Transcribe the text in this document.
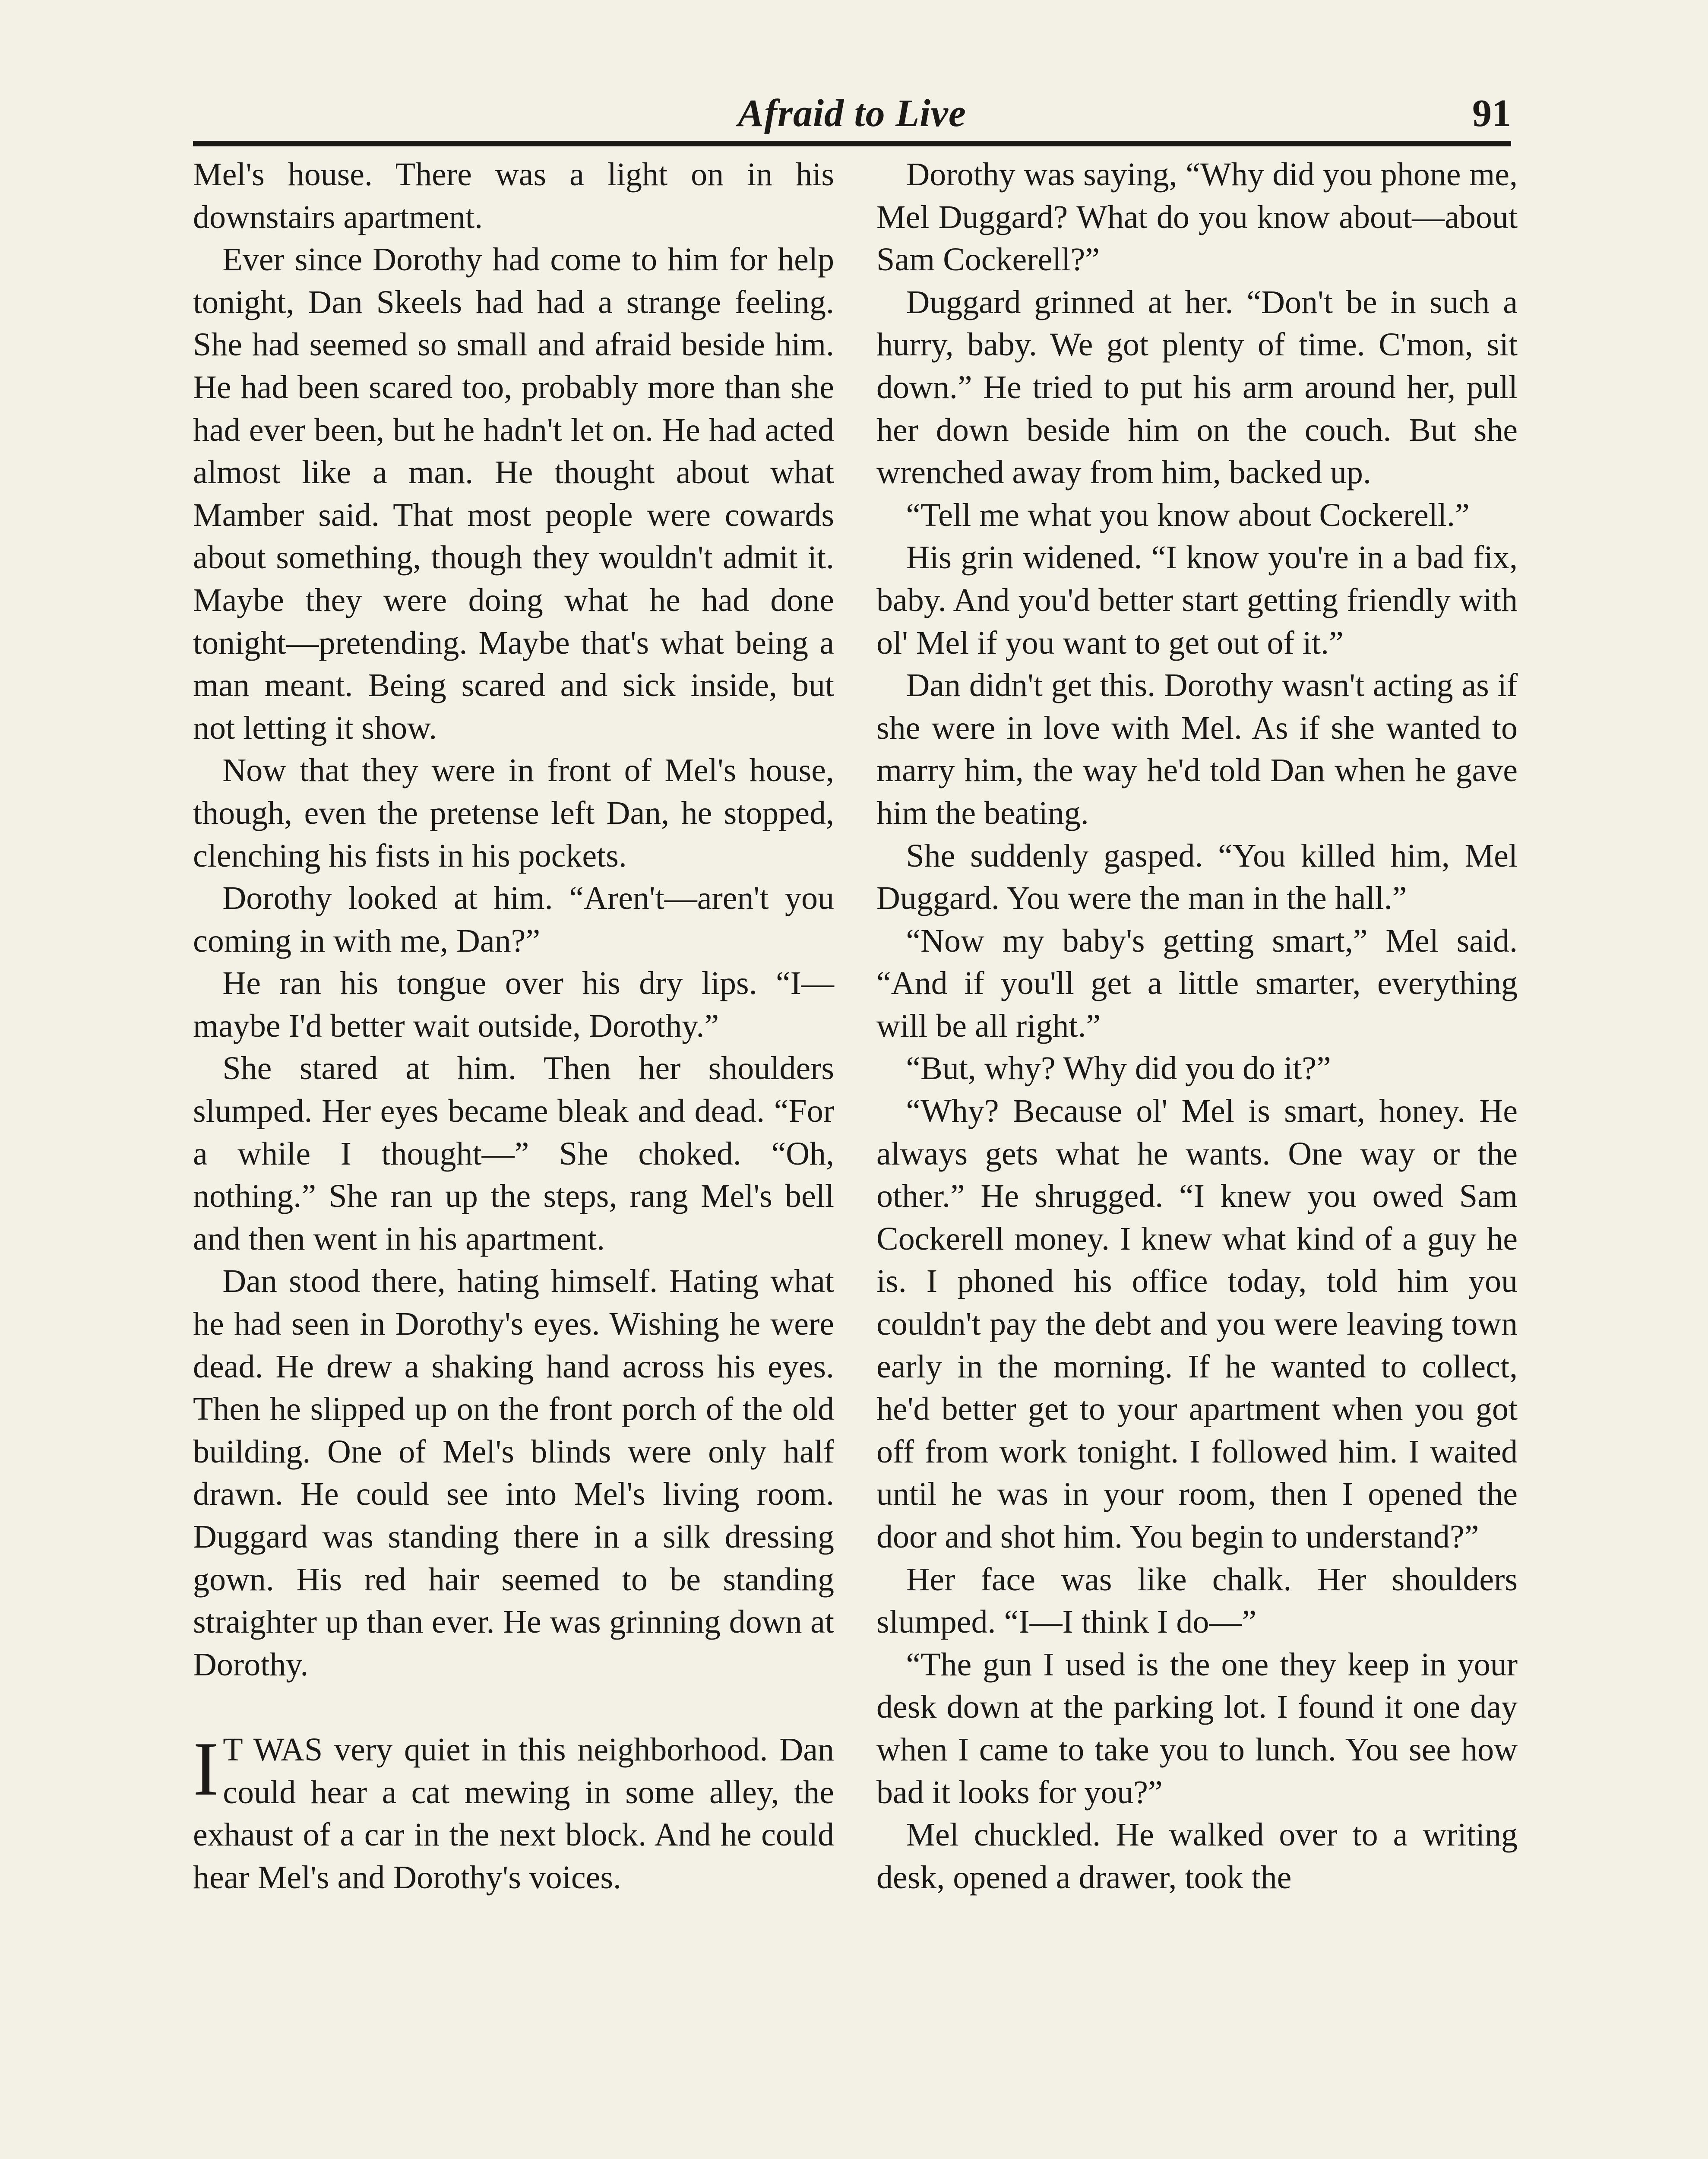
Afraid to Live	91

Mel's house. There was a light on in his downstairs apartment.

Ever since Dorothy had come to him for help tonight, Dan Skeels had had a strange feeling. She had seemed so small and afraid beside him. He had been scared too, probably more than she had ever been, but he hadn't let on. He had acted almost like a man. He thought about what Mamber said. That most people were cowards about something, though they wouldn't admit it. Maybe they were doing what he had done tonight—pretending. Maybe that's what being a man meant. Being scared and sick inside, but not letting it show.

Now that they were in front of Mel's house, though, even the pretense left Dan, he stopped, clenching his fists in his pockets.

Dorothy looked at him. “Aren't—aren't you coming in with me, Dan?”

He ran his tongue over his dry lips. “I—maybe I'd better wait outside, Dorothy.”

She stared at him. Then her shoulders slumped. Her eyes became bleak and dead. “For a while I thought—” She choked. “Oh, nothing.” She ran up the steps, rang Mel's bell and then went in his apartment.

Dan stood there, hating himself. Hating what he had seen in Dorothy's eyes. Wishing he were dead. He drew a shaking hand across his eyes. Then he slipped up on the front porch of the old building. One of Mel's blinds were only half drawn. He could see into Mel's living room. Duggard was standing there in a silk dressing gown. His red hair seemed to be standing straighter up than ever. He was grinning down at Dorothy.

I T WAS very quiet in this neighborhood. Dan could hear a cat mewing in some alley, the exhaust of a car in the next block. And he could hear Mel's and Dorothy's voices.

Dorothy was saying, “Why did you phone me, Mel Duggard? What do you know about—about Sam Cockerell?”

Duggard grinned at her. “Don't be in such a hurry, baby. We got plenty of time. C'mon, sit down.” He tried to put his arm around her, pull her down beside him on the couch. But she wrenched away from him, backed up.

“Tell me what you know about Cockerell.”

His grin widened. “I know you're in a bad fix, baby. And you'd better start getting friendly with ol' Mel if you want to get out of it.”

Dan didn't get this. Dorothy wasn't acting as if she were in love with Mel. As if she wanted to marry him, the way he'd told Dan when he gave him the beating.

She suddenly gasped. “You killed him, Mel Duggard. You were the man in the hall.”

“Now my baby's getting smart,” Mel said. “And if you'll get a little smarter, everything will be all right.”

“But, why? Why did you do it?”

“Why? Because ol' Mel is smart, honey. He always gets what he wants. One way or the other.” He shrugged. “I knew you owed Sam Cockerell money. I knew what kind of a guy he is. I phoned his office today, told him you couldn't pay the debt and you were leaving town early in the morning. If he wanted to collect, he'd better get to your apartment when you got off from work tonight. I followed him. I waited until he was in your room, then I opened the door and shot him. You begin to understand?”

Her face was like chalk. Her shoulders slumped. “I—I think I do—”

“The gun I used is the one they keep in your desk down at the parking lot. I found it one day when I came to take you to lunch. You see how bad it looks for you?”

Mel chuckled. He walked over to a writing desk, opened a drawer, took the
